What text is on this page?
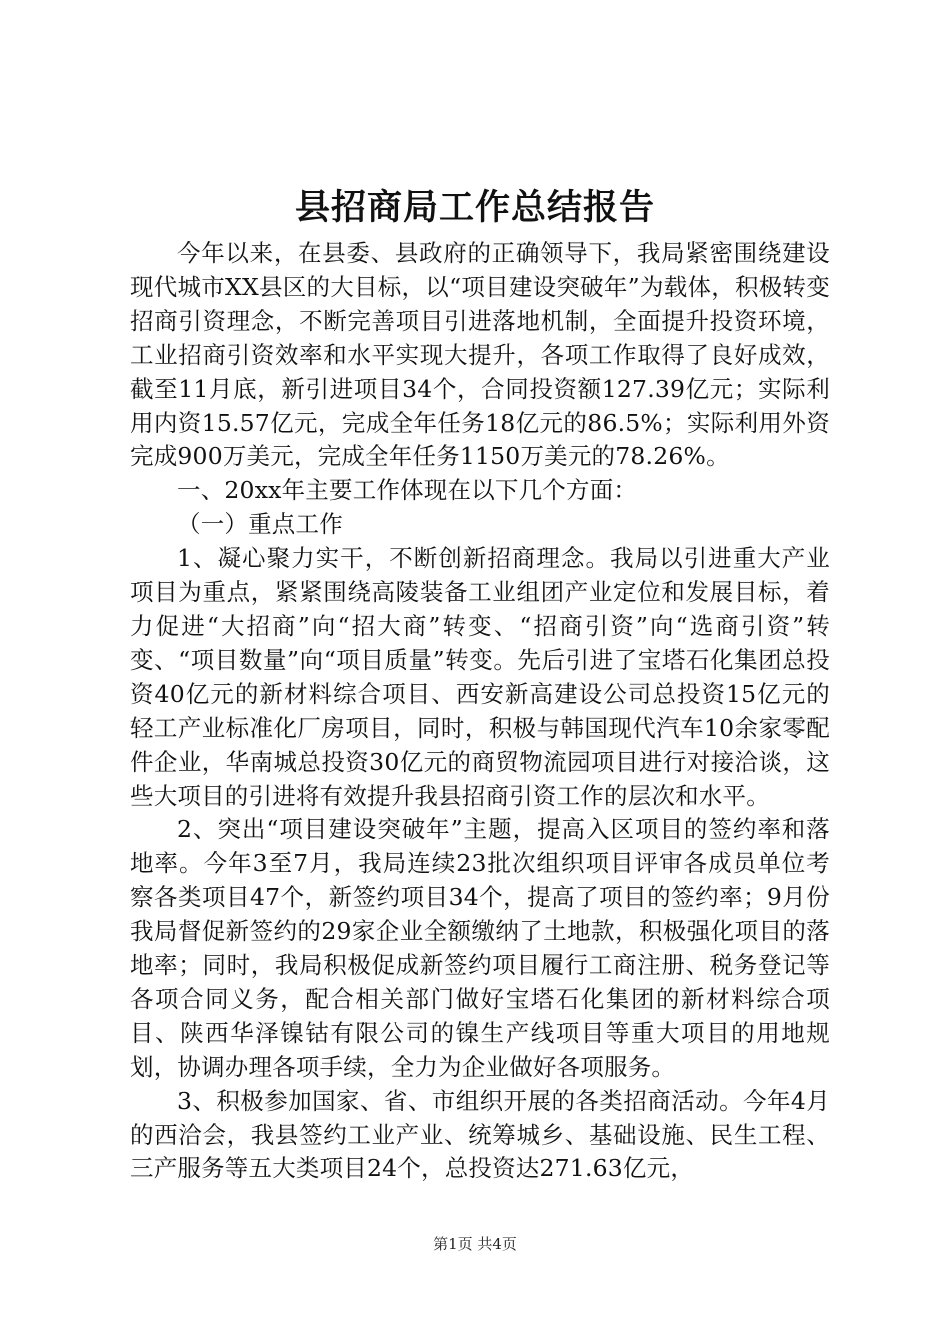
县招商局工作总结报告

今年以来，在县委、县政府的正确领导下，我局紧密围绕建设现代城市XX县区的大目标，以“项目建设突破年”为载体，积极转变招商引资理念，不断完善项目引进落地机制，全面提升投资环境，工业招商引资效率和水平实现大提升，各项工作取得了良好成效，截至11月底，新引进项目34个，合同投资额127.39亿元；实际利用内资15.57亿元，完成全年任务18亿元的86.5%；实际利用外资完成900万美元，完成全年任务1150万美元的78.26%。

一、20xx年主要工作体现在以下几个方面：

（一）重点工作

1、凝心聚力实干，不断创新招商理念。我局以引进重大产业项目为重点，紧紧围绕高陵装备工业组团产业定位和发展目标，着力促进“大招商”向“招大商”转变、“招商引资”向“选商引资”转变、“项目数量”向“项目质量”转变。先后引进了宝塔石化集团总投资40亿元的新材料综合项目、西安新高建设公司总投资15亿元的轻工产业标准化厂房项目，同时，积极与韩国现代汽车10余家零配件企业，华南城总投资30亿元的商贸物流园项目进行对接洽谈，这些大项目的引进将有效提升我县招商引资工作的层次和水平。

2、突出“项目建设突破年”主题，提高入区项目的签约率和落地率。今年3至7月，我局连续23批次组织项目评审各成员单位考察各类项目47个，新签约项目34个，提高了项目的签约率；9月份我局督促新签约的29家企业全额缴纳了土地款，积极强化项目的落地率；同时，我局积极促成新签约项目履行工商注册、税务登记等各项合同义务，配合相关部门做好宝塔石化集团的新材料综合项目、陕西华泽镍钴有限公司的镍生产线项目等重大项目的用地规划，协调办理各项手续，全力为企业做好各项服务。

3、积极参加国家、省、市组织开展的各类招商活动。今年4月的西洽会，我县签约工业产业、统筹城乡、基础设施、民生工程、三产服务等五大类项目24个，总投资达271.63亿元，

第1页 共4页
